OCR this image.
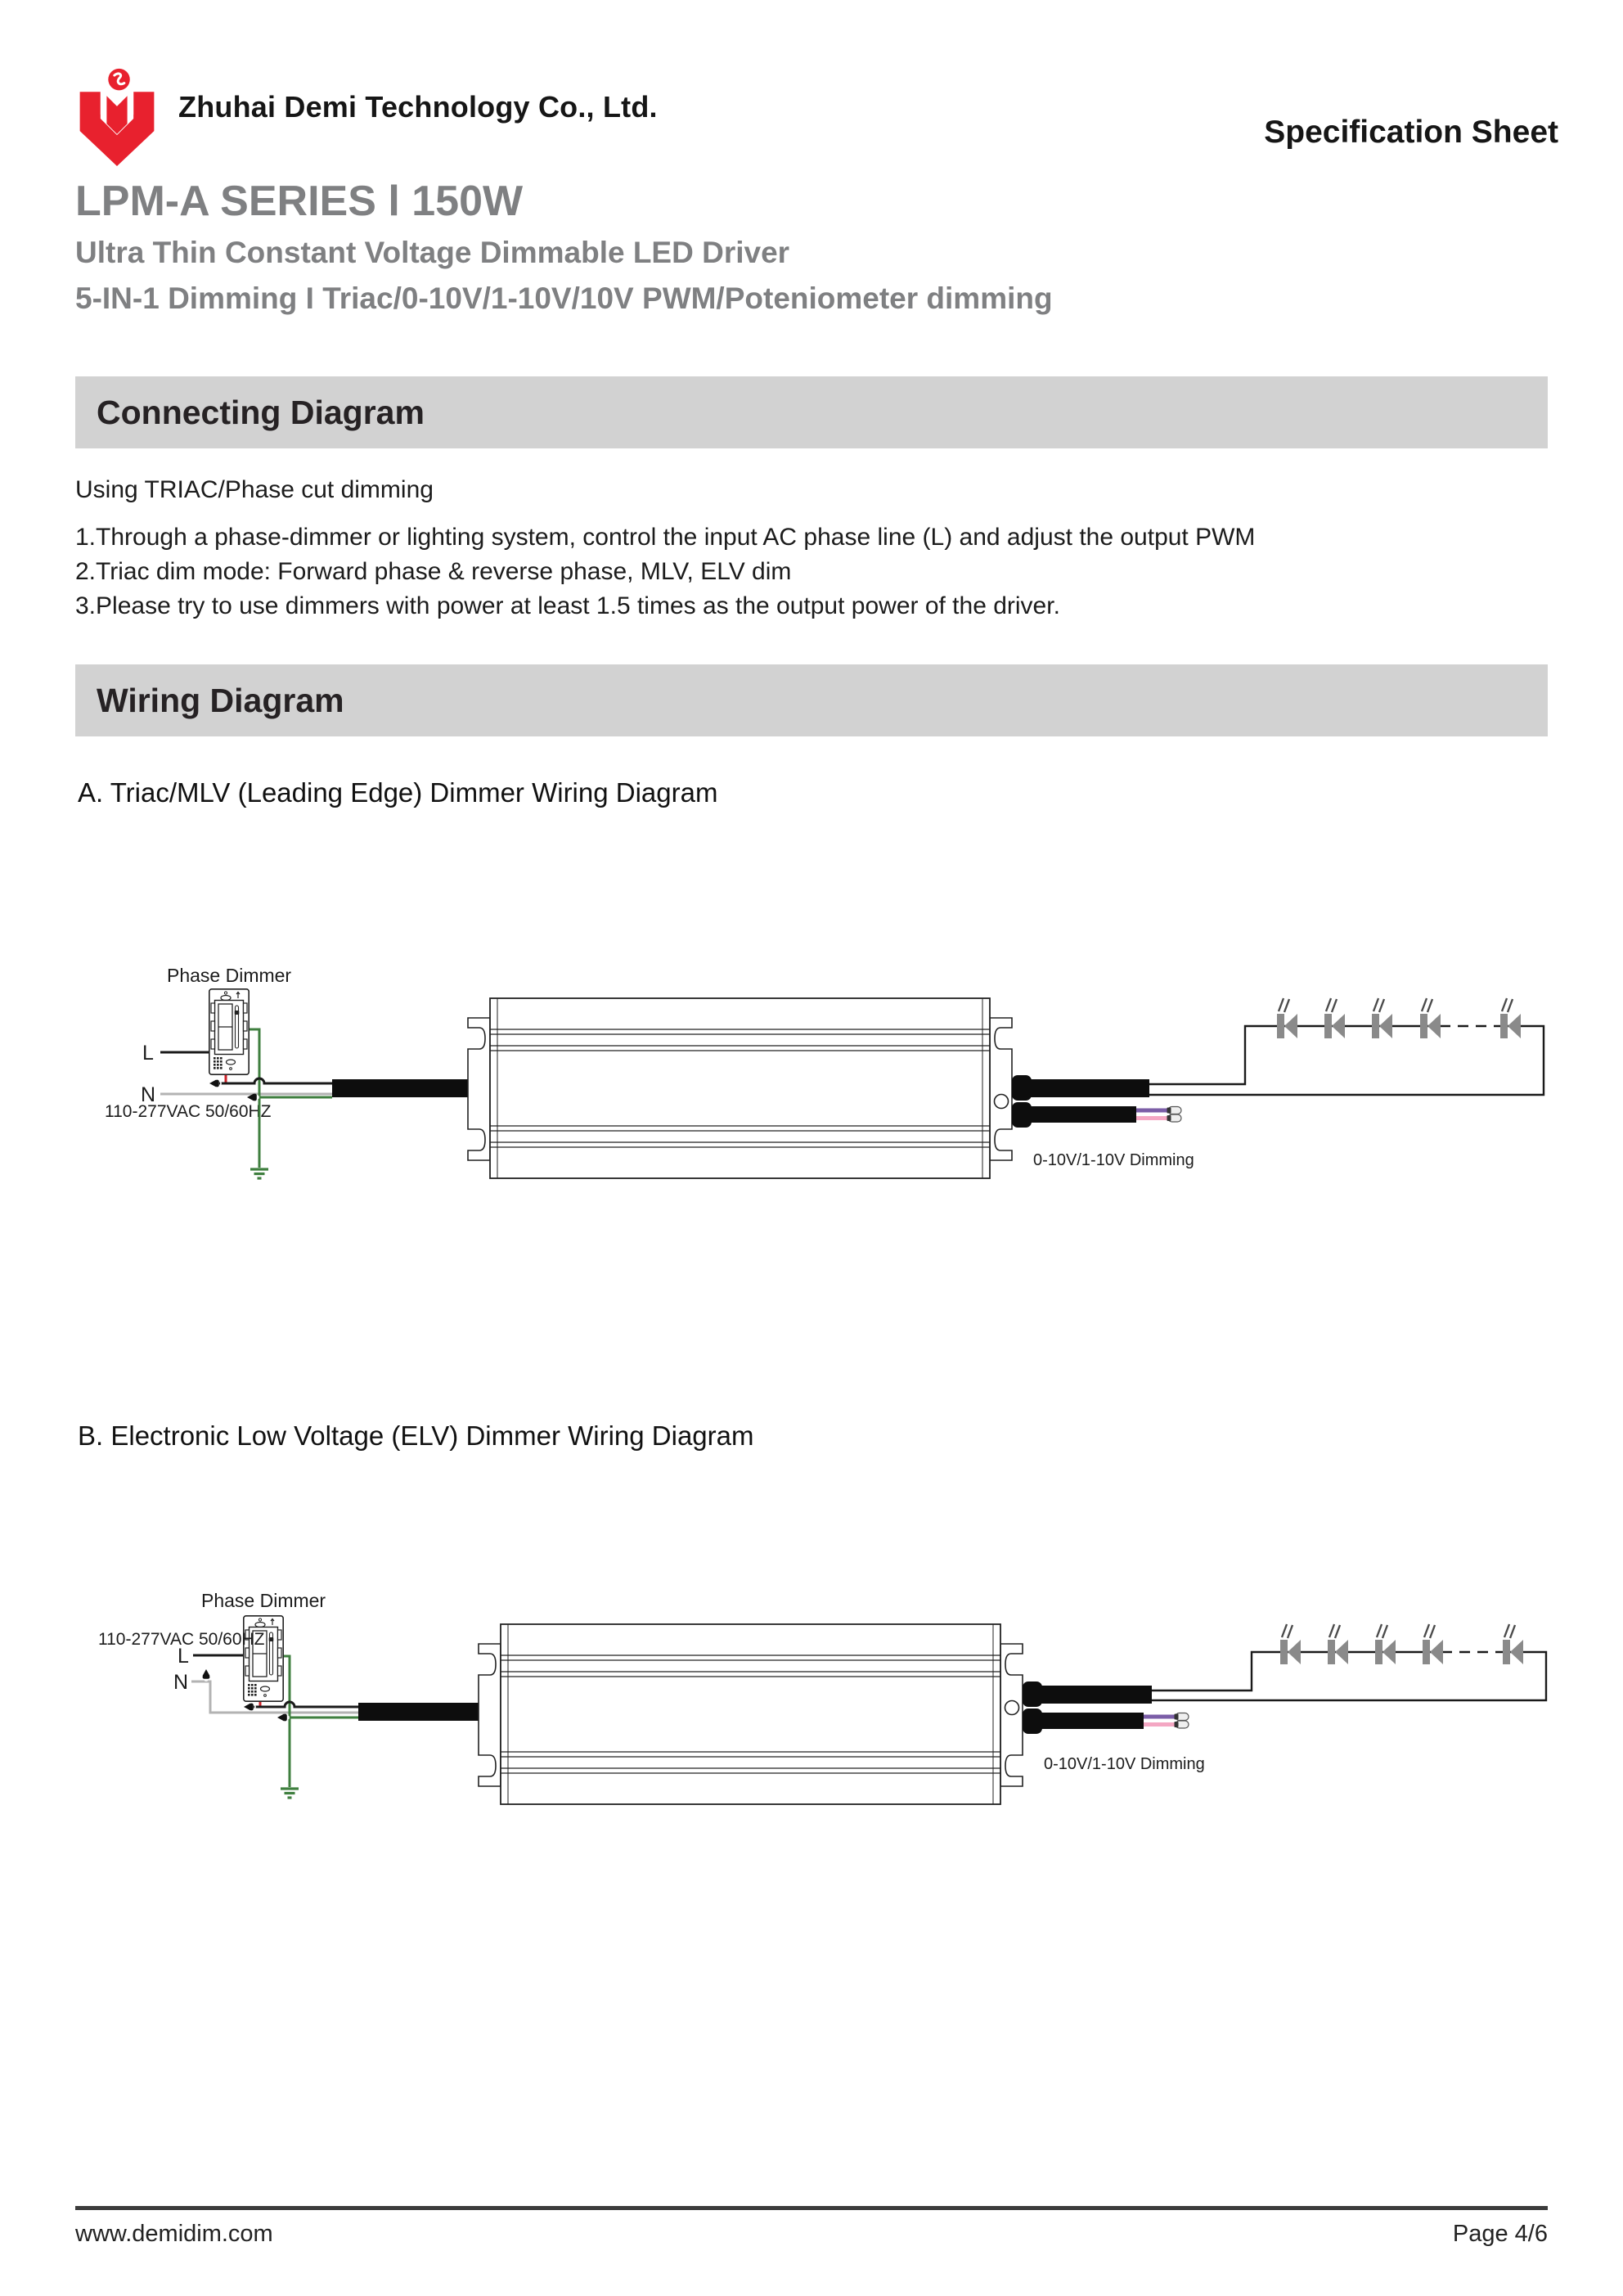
Zhuhai Demi Technology Co., Ltd.
Specification Sheet
LPM-A SERIES l 150W
Ultra Thin Constant Voltage Dimmable LED Driver
5-IN-1 Dimming I Triac/0-10V/1-10V/10V PWM/Poteniometer dimming
Connecting Diagram
Using TRIAC/Phase cut dimming
1.Through a phase-dimmer or lighting system, control the input AC phase line (L) and adjust the output PWM
2.Triac dim mode: Forward phase & reverse phase, MLV, ELV dim
3.Please try to use dimmers with power at least 1.5 times as the output power of the driver.
Wiring Diagram
A. Triac/MLV (Leading Edge) Dimmer Wiring Diagram
B. Electronic Low Voltage (ELV) Dimmer Wiring Diagram
Phase Dimmer
L
N
110-277VAC 50/60HZ
0-10V/1-10V Dimming
Phase Dimmer
110-277VAC 50/60HZ
L
N
0-10V/1-10V Dimming
www.demidim.com	Page 4/6
